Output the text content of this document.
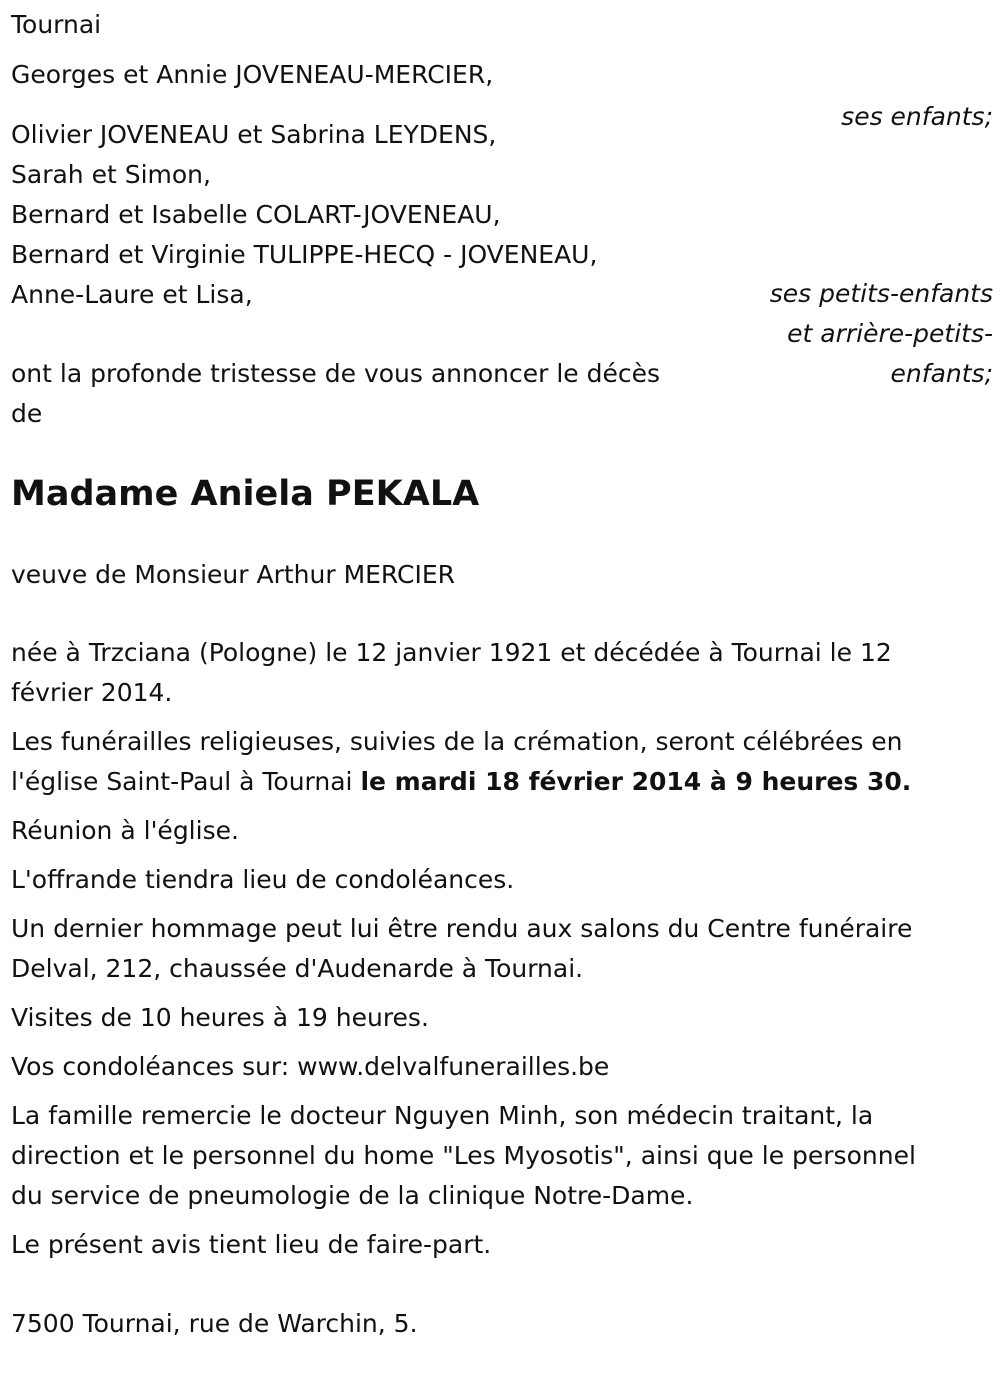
Tournai
Georges et Annie JOVENEAU-MERCIER,
ses enfants;
Olivier JOVENEAU et Sabrina LEYDENS,
Sarah et Simon,
Bernard et Isabelle COLART-JOVENEAU,
Bernard et Virginie TULIPPE-HECQ - JOVENEAU,
Anne-Laure et Lisa,	ses petits-enfants
et arrière-petits-
enfants;
ont la profonde tristesse de vous annoncer le décès
de
Madame Aniela PEKALA
veuve de Monsieur Arthur MERCIER
née à Trzciana (Pologne) le 12 janvier 1921 et décédée à Tournai le 12
février 2014.
Les funérailles religieuses, suivies de la crémation, seront célébrées en
l'église Saint-Paul à Tournai le mardi 18 février 2014 à 9 heures 30.
Réunion à l'église.
L'offrande tiendra lieu de condoléances.
Un dernier hommage peut lui être rendu aux salons du Centre funéraire
Delval, 212, chaussée d'Audenarde à Tournai.
Visites de 10 heures à 19 heures.
Vos condoléances sur: www.delvalfunerailles.be
La famille remercie le docteur Nguyen Minh, son médecin traitant, la
direction et le personnel du home "Les Myosotis", ainsi que le personnel
du service de pneumologie de la clinique Notre-Dame.
Le présent avis tient lieu de faire-part.
7500 Tournai, rue de Warchin, 5.
